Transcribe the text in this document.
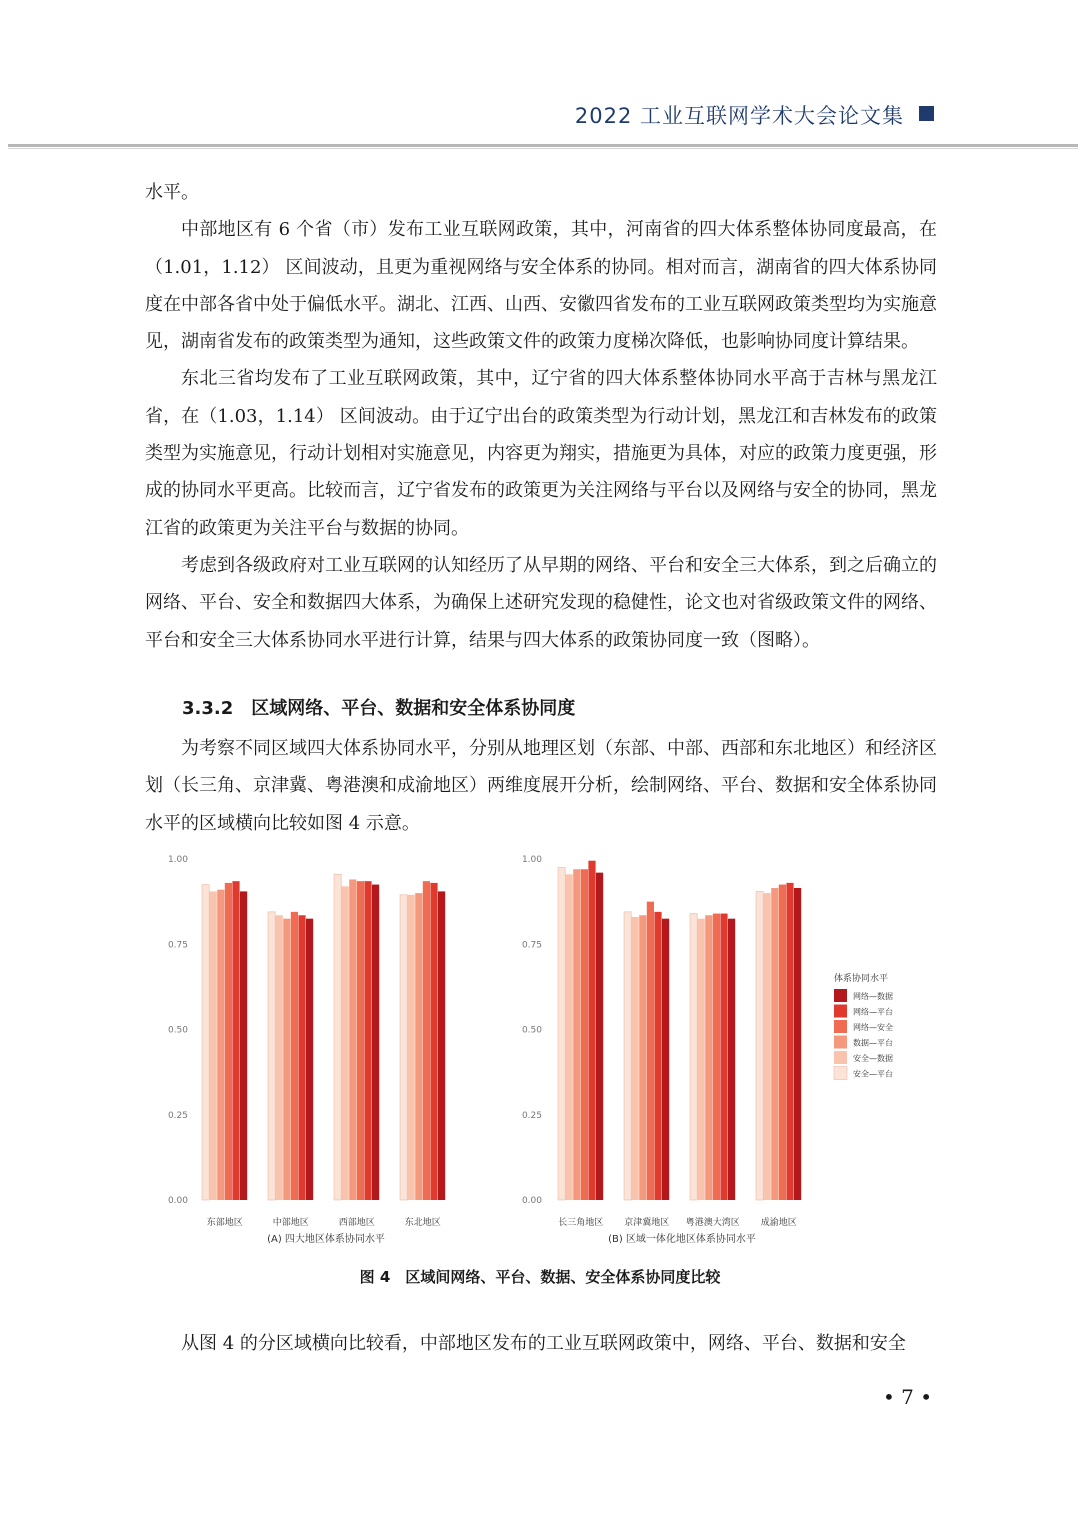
2022 工业互联网学术大会论文集

水平。

中部地区有 6 个省（市）发布工业互联网政策，其中，河南省的四大体系整体协同度最高，在（1.01，1.12） 区间波动，且更为重视网络与安全体系的协同。相对而言，湖南省的四大体系协同度在中部各省中处于偏低水平。湖北、江西、山西、安徽四省发布的工业互联网政策类型均为实施意见，湖南省发布的政策类型为通知，这些政策文件的政策力度梯次降低，也影响协同度计算结果。

东北三省均发布了工业互联网政策，其中，辽宁省的四大体系整体协同水平高于吉林与黑龙江省，在（1.03，1.14） 区间波动。由于辽宁出台的政策类型为行动计划，黑龙江和吉林发布的政策类型为实施意见，行动计划相对实施意见，内容更为翔实，措施更为具体，对应的政策力度更强，形成的协同水平更高。比较而言，辽宁省发布的政策更为关注网络与平台以及网络与安全的协同，黑龙江省的政策更为关注平台与数据的协同。

考虑到各级政府对工业互联网的认知经历了从早期的网络、平台和安全三大体系，到之后确立的网络、平台、安全和数据四大体系，为确保上述研究发现的稳健性，论文也对省级政策文件的网络、平台和安全三大体系协同水平进行计算，结果与四大体系的政策协同度一致（图略）。

3.3.2　区域网络、平台、数据和安全体系协同度

为考察不同区域四大体系协同水平，分别从地理区划（东部、中部、西部和东北地区）和经济区划（长三角、京津冀、粤港澳和成渝地区）两维度展开分析，绘制网络、平台、数据和安全体系协同水平的区域横向比较如图 4 示意。

0.00
0.25
0.50
0.75
1.00
东部地区	中部地区	西部地区	东北地区
(A) 四大地区体系协同水平
0.00
0.25
0.50
0.75
1.00
长三角地区 京津冀地区 粤港澳大湾区 成渝地区
(B) 区域一体化地区体系协同水平
体系协同水平
网络—数据
网络—平台
网络—安全
数据—平台
安全—数据
安全—平台
图 4　区域间网络、平台、数据、安全体系协同度比较

从图 4 的分区域横向比较看，中部地区发布的工业互联网政策中，网络、平台、数据和安全

• 7 •
